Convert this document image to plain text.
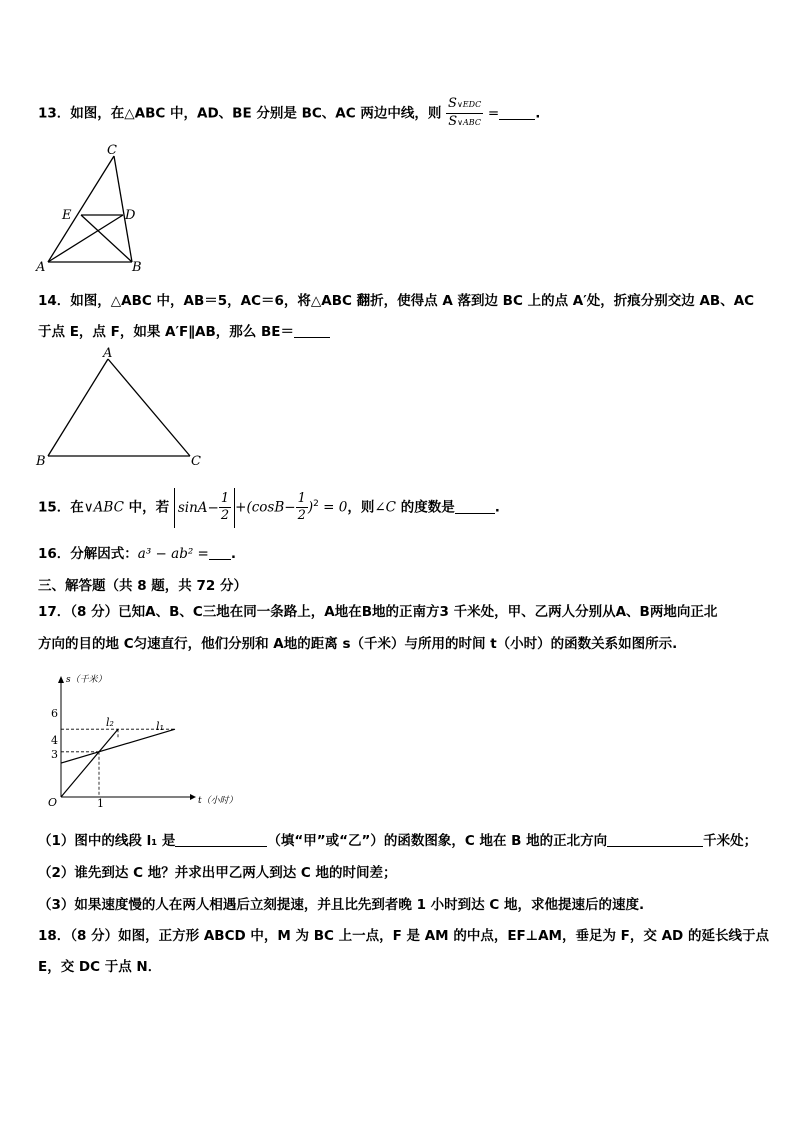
13．如图，在△ABC 中，AD、BE 分别是 BC、AC 两边中线，则 $\frac{\text{S∨EDC}}{\text{S∨ABC}}$ =	.
C
E	D
A	B
14．如图，△ABC 中，AB＝5，AC＝6，将△ABC 翻折，使得点 A 落到边 BC 上的点 A′处，折痕分别交边 AB、AC
于点 E，点 F，如果 A′F∥AB，那么 BE＝
A
B	C
15．在∨ABC 中，若 $\sin A- \frac{1}{2} +(\cos B- \frac{1}{2} )^2 = 0$，则∠C 的度数是	.
16．分解因式：a³ − ab² = .
三、解答题（共 8 题，共 72 分）
17．（8 分）已知A、B、C三地在同一条路上，A地在B地的正南方3 千米处，甲、乙两人分别从A、B两地向正北
方向的目的地 C匀速直行，他们分别和 A地的距离 s（千米）与所用的时间 t（小时）的函数关系如图所示.
s（千米）
t（小时）
O
6
4
3
1
l₂	l₁
（1）图中的线段 l₁ 是	（填“甲”或“乙”）的函数图象，C 地在 B 地的正北方向	千米处；
（2）谁先到达 C 地？并求出甲乙两人到达 C 地的时间差；
（3）如果速度慢的人在两人相遇后立刻提速，并且比先到者晚 1 小时到达 C 地，求他提速后的速度.
18．（8 分）如图，正方形 ABCD 中，M 为 BC 上一点，F 是 AM 的中点，EF⊥AM，垂足为 F，交 AD 的延长线于点
E，交 DC 于点 N．
